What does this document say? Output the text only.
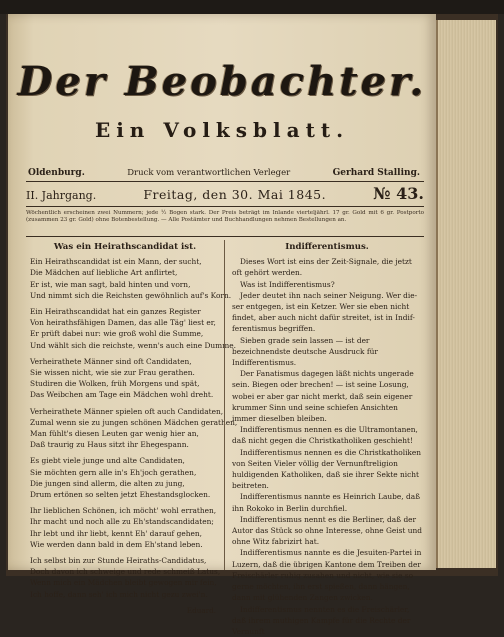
Der Beobachter.
Ein Volksblatt.
Oldenburg.	Druck vom verantwortlichen Verleger	Gerhard Stalling.
II. Jahrgang.	Freitag, den 30. Mai 1845.	№ 43.
Wöchentlich erscheinen zwei Nummern; jede ½ Bogen stark. Der Preis beträgt im Inlande vierteljährl. 17 gr. Gold mit 6 gr. Postporto (zusammen 23 gr. Gold) ohne Botenbestellung. — Alle Postämter und Buchhandlungen nehmen Bestellungen an.
Was ein Heirathscandidat ist.
Ein Heirathscandidat ist ein Mann, der sucht,
Die Mädchen auf liebliche Art anflirtet,
Er ist, wie man sagt, bald hinten und vorn,
Und nimmt sich die Reichsten gewöhnlich auf's Korn.
Ein Heirathscandidat hat ein ganzes Register
Von heirathsfähigen Damen, das alle Täg' liest er,
Er prüft dabei nur: wie groß wohl die Summe,
Und wählt sich die reichste, wenn's auch eine Dumme.
Verheirathete Männer sind oft Candidaten,
Sie wissen nicht, wie sie zur Frau gerathen.
Studiren die Wolken, früh Morgens und spät,
Das Weibchen am Tage ein Mädchen wohl dreht.
Verheirathete Männer spielen oft auch Candidaten,
Zumal wenn sie zu jungen schönen Mädchen gerathen,
Man fühlt's diesen Leuten gar wenig hier an,
Daß traurig zu Haus sitzt ihr Ehegespann.
Es giebt viele junge und alte Candidaten,
Sie möchten gern alle in's Eh'joch gerathen,
Die jungen sind allerm, die alten zu jung,
Drum ertönen so selten jetzt Ehestandsglocken.
Ihr lieblichen Schönen, ich möcht' wohl errathen,
Ihr macht und noch alle zu Eh'standscandidaten;
Ihr lebt und ihr liebt, kennt Eh' darauf gehen,
Wie werden dann bald in dem Eh'stand leben.
Ich selbst bin zur Stunde Heiraths-Candidatus,
Doch davon ich schweige und rede schmeiß Latus,
Wenn mich ein Mädchen bleibt gewogen mir fein,
Ich hoffe, dann seh' ich mich nicht gezu zwei'n.
Eduard.
Indifferentismus.
Dieses Wort ist eins der Zeit-Signale, die jetzt oft gehört werden.
Was ist Indifferentismus?
Jeder deutet ihn nach seiner Neigung. Wer die-ser entgegen, ist ein Ketzer. Wer sie eben nicht findet, aber auch nicht dafür streitet, ist in Indif-ferentismus begriffen.
Sieben grade sein lassen — ist der bezeichnendste deutsche Ausdruck für Indifferentismus.
Der Fanatismus dagegen läßt nichts ungerade sein. Biegen oder brechen! — ist seine Losung, wobei er aber gar nicht merkt, daß sein eigener krummer Sinn und seine schiefen Ansichten immer dieselben bleiben.
Indifferentismus nennen es die Ultramontanen, daß nicht gegen die Christkatholiken geschieht!
Indifferentismus nennen es die Christkatholiken von Seiten Vieler völlig der Vernunftreligion huldigenden Katholiken, daß sie ihrer Sekte nicht beitreten.
Indifferentismus nannte es Heinrich Laube, daß ihn Rokoko in Berlin durchfiel.
Indifferentismus nennt es die Berliner, daß der Autor das Stück so ohne Interesse, ohne Geist und ohne Witz fabrizirt hat.
Indifferentismus nannte es die Jesuiten-Partei in Luzern, daß die übrigen Kantone dem Treiben der Freischärler ruhig zusahen und nicht, wie sie so gerne möchten, ihn erst spießen, dann hängen, dann mit glühenden Zangen zwicken.
Indifferentismus nennten es die Freischärler, daß ihrem muthigen Kampfe für die Rechte der Vernunft
